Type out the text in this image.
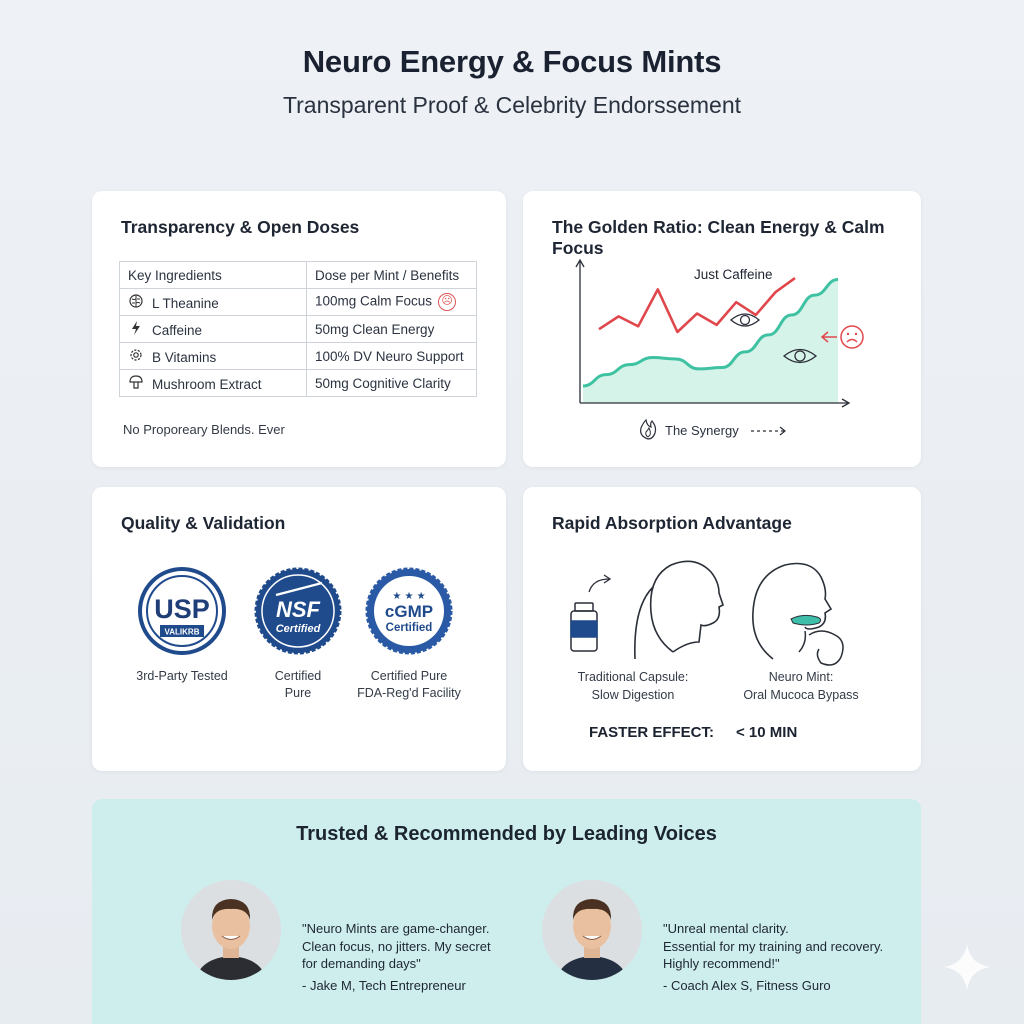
Neuro Energy & Focus Mints
Transparent Proof & Celebrity Endorssement
Transparency & Open Doses
Key Ingredients	Dose per Mint / Benefits
L Theanine	100mg Calm Focus ☹
Caffeine	50mg Clean Energy
B Vitamins	100% DV Neuro Support
Mushroom Extract	50mg Cognitive Clarity
No Proporeary Blends. Ever
The Golden Ratio: Clean Energy & Calm Focus
Just Caffeine
The Synergy
Quality & Validation
USP
VALIKRB
3rd-Party Tested
NSF
Certified
Certified
Pure
★ ★ ★
cGMP
Certified
Certified Pure
FDA-Reg'd Facility
Rapid Absorption Advantage
Traditional Capsule:
Slow Digestion
Neuro Mint:
Oral Mucoca Bypass
FASTER EFFECT: < 10 MIN
Trusted & Recommended by Leading Voices
"Neuro Mints are game-changer.
Clean focus, no jitters. My secret
for demanding days"
- Jake M, Tech Entrepreneur
"Unreal mental clarity.
Essential for my training and recovery.
Highly recommend!"
- Coach Alex S, Fitness Guro
